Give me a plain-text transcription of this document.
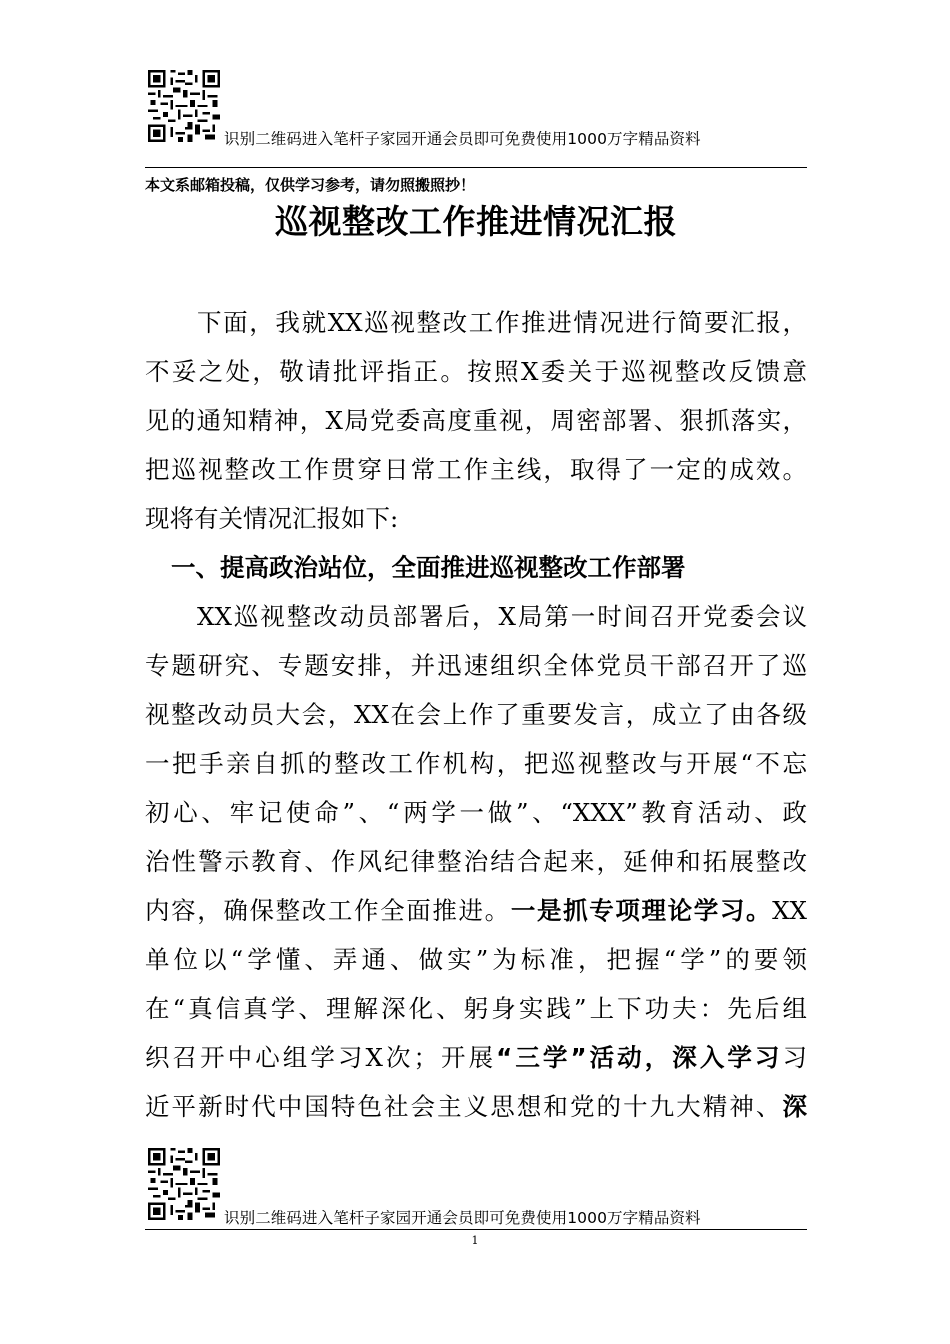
识别二维码进入笔杆子家园开通会员即可免费使用1000万字精品资料
本文系邮箱投稿，仅供学习参考，请勿照搬照抄！
巡视整改工作推进情况汇报
下面，我就XX巡视整改工作推进情况进行简要汇报，
不妥之处，敬请批评指正。按照X委关于巡视整改反馈意
见的通知精神，X局党委高度重视，周密部署、狠抓落实，
把巡视整改工作贯穿日常工作主线，取得了一定的成效。
现将有关情况汇报如下:
一、提高政治站位，全面推进巡视整改工作部署
XX巡视整改动员部署后，X局第一时间召开党委会议
专题研究、专题安排，并迅速组织全体党员干部召开了巡
视整改动员大会，XX在会上作了重要发言，成立了由各级
一把手亲自抓的整改工作机构，把巡视整改与开展“不忘
初心、牢记使命”、“两学一做”、“XXX”教育活动、政
治性警示教育、作风纪律整治结合起来，延伸和拓展整改
内容，确保整改工作全面推进。一是抓专项理论学习。XX
单位以“学懂、弄通、做实”为标准，把握“学”的要领
在“真信真学、理解深化、躬身实践”上下功夫：先后组
织召开中心组学习X次；开展“三学”活动，深入学习习
近平新时代中国特色社会主义思想和党的十九大精神、深
识别二维码进入笔杆子家园开通会员即可免费使用1000万字精品资料
1
